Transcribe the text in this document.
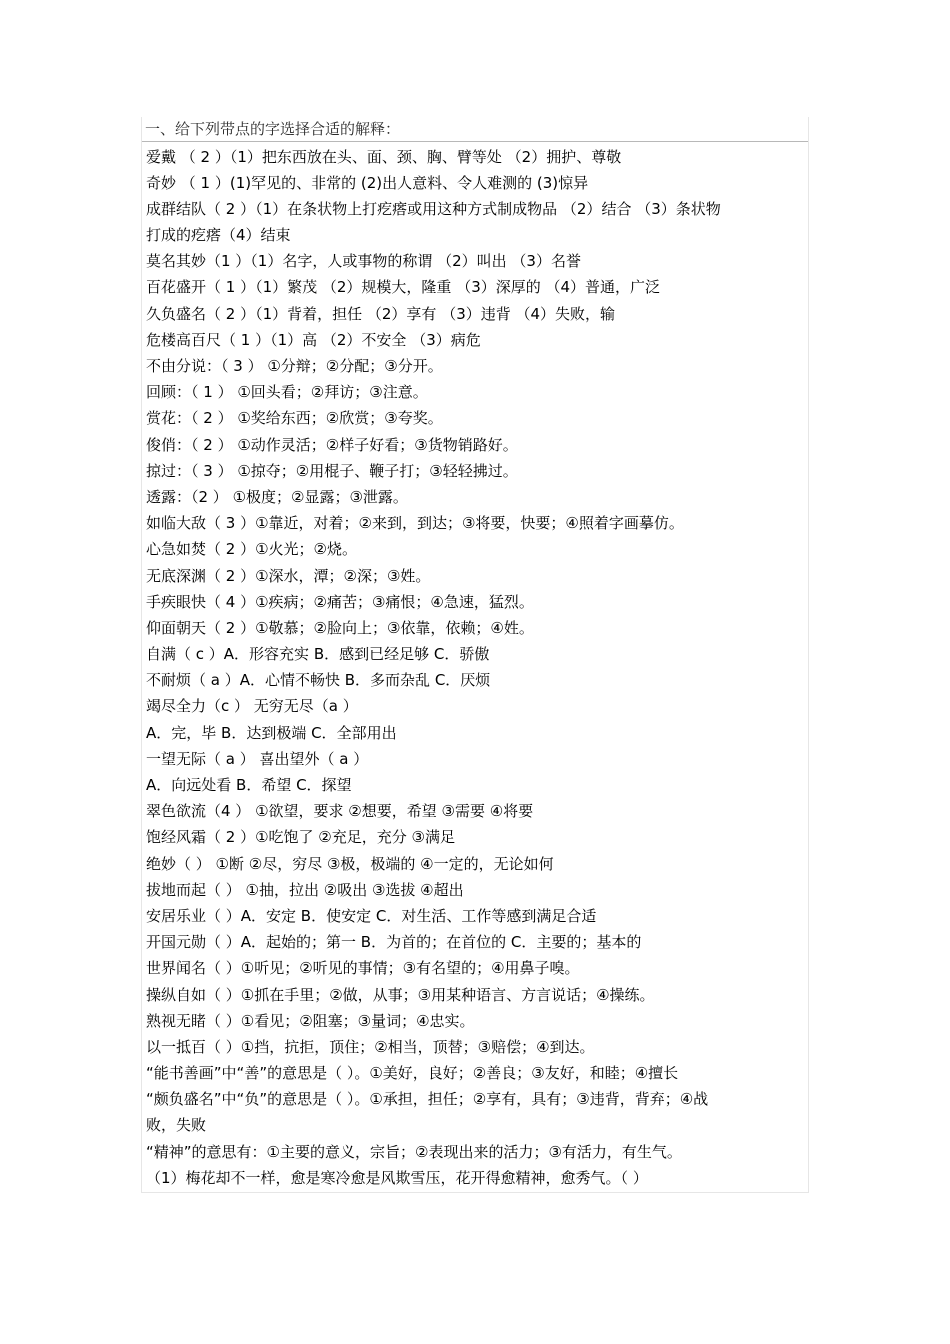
一、给下列带点的字选择合适的解释：
爱戴 （ 2 ）（1）把东西放在头、面、颈、胸、臂等处 （2）拥护、尊敬
奇妙 （ 1 ）(1)罕见的、非常的 (2)出人意料、令人难测的 (3)惊异
成群结队（ 2 ）（1）在条状物上打疙瘩或用这种方式制成物品 （2）结合 （3）条状物
打成的疙瘩（4）结束
莫名其妙（1 ）（1）名字，人或事物的称谓 （2）叫出 （3）名誉
百花盛开（ 1 ）（1）繁茂 （2）规模大，隆重 （3）深厚的 （4）普通，广泛
久负盛名（ 2 ）（1）背着，担任 （2）享有 （3）违背 （4）失败，输
危楼高百尺（ 1 ）（1）高 （2）不安全 （3）病危
不由分说：（ 3 ） ①分辩；②分配；③分开。
回顾：（ 1 ） ①回头看；②拜访；③注意。
赏花：（ 2 ） ①奖给东西；②欣赏；③夸奖。
俊俏：（ 2 ） ①动作灵活；②样子好看；③货物销路好。
掠过：（ 3 ） ①掠夺；②用棍子、鞭子打；③轻轻拂过。
透露：（2 ） ①极度；②显露；③泄露。
如临大敌（ 3 ）①靠近，对着；②来到，到达；③将要，快要；④照着字画摹仿。
心急如焚（ 2 ）①火光；②烧。
无底深渊（ 2 ）①深水，潭；②深；③姓。
手疾眼快（ 4 ）①疾病；②痛苦；③痛恨；④急速，猛烈。
仰面朝天（ 2 ）①敬慕；②脸向上；③依靠，依赖；④姓。
自满（ c ）A．形容充实 B．感到已经足够 C．骄傲
不耐烦（ a ）A．心情不畅快 B．多而杂乱 C．厌烦
竭尽全力（c ） 无穷无尽（a ）
A．完，毕 B．达到极端 C．全部用出
一望无际（ a ） 喜出望外（ a ）
A．向远处看 B．希望 C．探望
翠色欲流（4 ） ①欲望，要求 ②想要，希望 ③需要 ④将要
饱经风霜（ 2 ）①吃饱了 ②充足，充分 ③满足
绝妙（ ） ①断 ②尽，穷尽 ③极，极端的 ④一定的，无论如何
拔地而起（ ） ①抽，拉出 ②吸出 ③选拔 ④超出
安居乐业（ ）A．安定 B．使安定 C．对生活、工作等感到满足合适
开国元勋（ ）A．起始的；第一 B．为首的；在首位的 C．主要的；基本的
世界闻名（ ）①听见；②听见的事情；③有名望的；④用鼻子嗅。
操纵自如（ ）①抓在手里；②做，从事；③用某种语言、方言说话；④操练。
熟视无睹（ ）①看见；②阻塞；③量词；④忠实。
以一抵百（ ）①挡，抗拒，顶住；②相当，顶替；③赔偿；④到达。
“能书善画”中“善”的意思是（ ）。①美好，良好；②善良；③友好，和睦；④擅长
“颇负盛名”中“负”的意思是（ ）。①承担，担任；②享有，具有；③违背，背弃；④战
败，失败
“精神”的意思有：①主要的意义，宗旨；②表现出来的活力；③有活力，有生气。
（1）梅花却不一样，愈是寒冷愈是风欺雪压，花开得愈精神，愈秀气。（ ）
